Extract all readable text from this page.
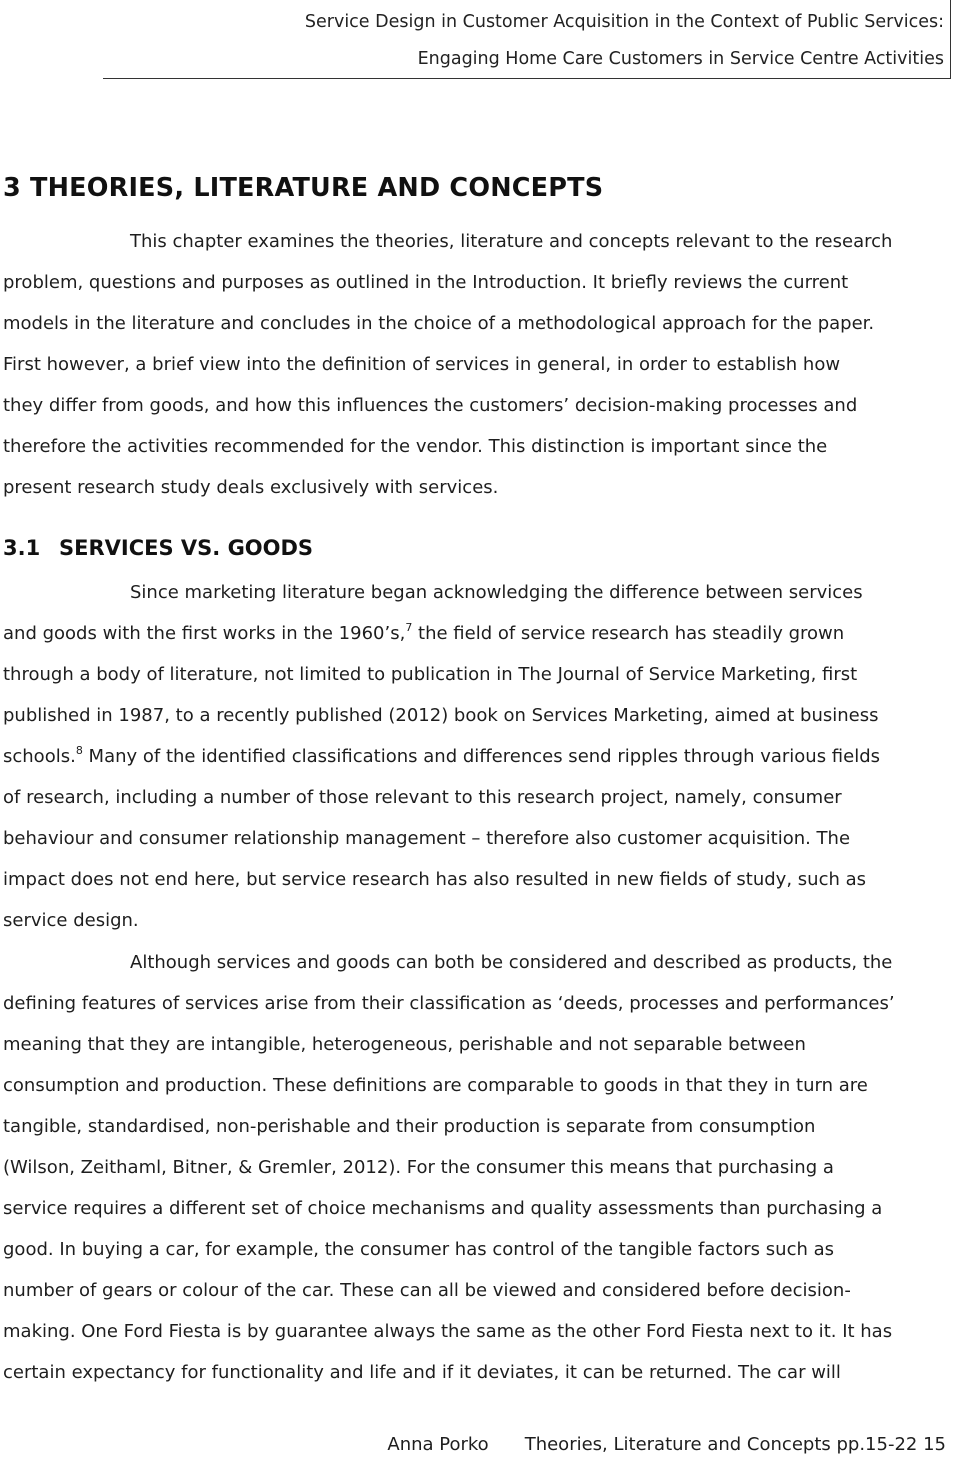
Service Design in Customer Acquisition in the Context of Public Services:
Engaging Home Care Customers in Service Centre Activities
3 THEORIES, LITERATURE AND CONCEPTS
This chapter examines the theories, literature and concepts relevant to the research
problem, questions and purposes as outlined in the Introduction. It briefly reviews the current
models in the literature and concludes in the choice of a methodological approach for the paper.
First however, a brief view into the definition of services in general, in order to establish how
they differ from goods, and how this influences the customers’ decision-making processes and
therefore the activities recommended for the vendor. This distinction is important since the
present research study deals exclusively with services.
3.1 SERVICES VS. GOODS
Since marketing literature began acknowledging the difference between services
and goods with the first works in the 1960’s,$^7$ the field of service research has steadily grown
through a body of literature, not limited to publication in The Journal of Service Marketing, first
published in 1987, to a recently published (2012) book on Services Marketing, aimed at business
schools.$^8$ Many of the identified classifications and differences send ripples through various fields
of research, including a number of those relevant to this research project, namely, consumer
behaviour and consumer relationship management – therefore also customer acquisition. The
impact does not end here, but service research has also resulted in new fields of study, such as
service design.
Although services and goods can both be considered and described as products, the
defining features of services arise from their classification as ‘deeds, processes and performances’
meaning that they are intangible, heterogeneous, perishable and not separable between
consumption and production. These definitions are comparable to goods in that they in turn are
tangible, standardised, non-perishable and their production is separate from consumption
(Wilson, Zeithaml, Bitner, & Gremler, 2012). For the consumer this means that purchasing a
service requires a different set of choice mechanisms and quality assessments than purchasing a
good. In buying a car, for example, the consumer has control of the tangible factors such as
number of gears or colour of the car. These can all be viewed and considered before decision-
making. One Ford Fiesta is by guarantee always the same as the other Ford Fiesta next to it. It has
certain expectancy for functionality and life and if it deviates, it can be returned. The car will
Anna Porko Theories, Literature and Concepts pp.15-22 15
